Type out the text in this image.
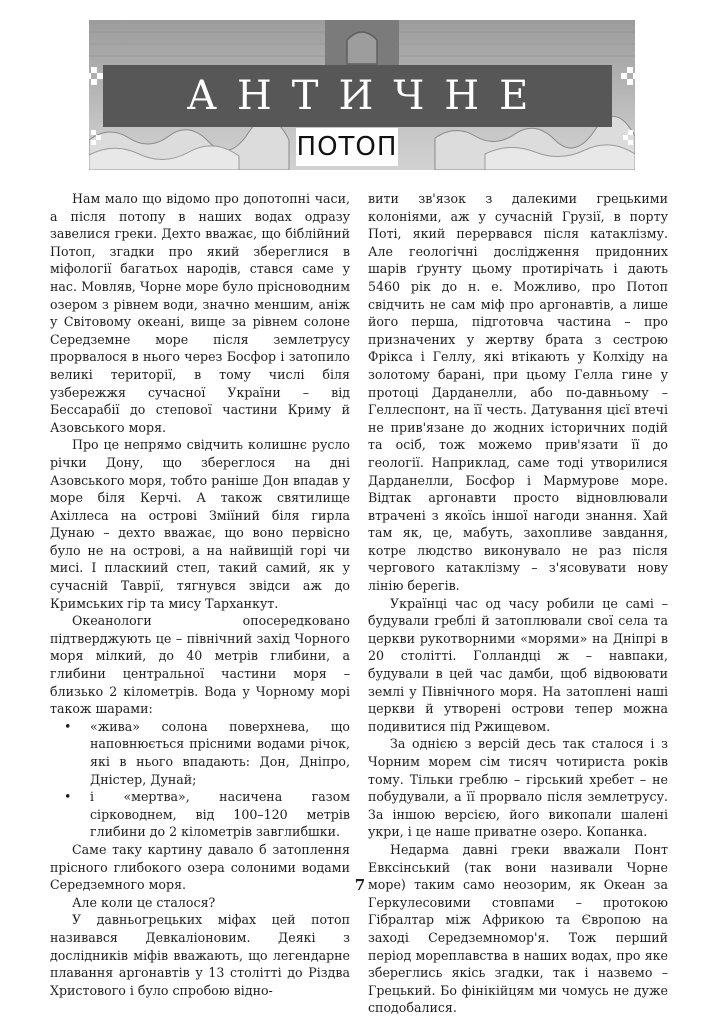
АНТИЧНЕ
ПОТОП

Нам мало що відомо про допотопні часи, а після потопу в наших водах одразу завелися греки. Дехто вважає, що біблійний Потоп, згадки про який збереглися в міфології багатьох народів, стався саме у нас. Мовляв, Чорне море було прісноводним озером з рівнем води, значно меншим, аніж у Світовому океані, вище за рівнем солоне Середземне море після землетрусу прорвалося в нього через Босфор і затопило великі території, в тому числі біля узбережжя сучасної України – від Бессарабії до степової частини Криму й Азовського моря.

Про це непрямо свідчить колишнє русло річки Дону, що збереглося на дні Азовського моря, тобто раніше Дон впадав у море біля Керчі. А також святилище Ахіллеса на острові Зміїний біля гирла Дунаю – дехто вважає, що воно первісно було не на острові, а на найвищій горі чи мисі. І пласкиий степ, такий самий, як у сучасній Таврії, тягнувся звідси аж до Кримських гір та мису Тарханкут.

Океанологи опосередковано підтверджують це – північний захід Чорного моря мілкий, до 40 метрів глибини, а глибини центральної частини моря – близько 2 кілометрів. Вода у Чорному морі також шарами:

• «жива» солона поверхнева, що наповнюється прісними водами річок, які в нього впадають: Дон, Дніпро, Дністер, Дунай;
• і «мертва», насичена газом сірководнем, від 100–120 метрів глибини до 2 кілометрів завглибшки.

Саме таку картину давало б затоплення прісного глибокого озера солоними водами Середземного моря.

Але коли це сталося?

У давньогрецьких міфах цей потоп називався Девкаліоновим. Деякі з дослідників міфів вважають, що легендарне плавання аргонавтів у 13 столітті до Різдва Христового і було спробою відно-

вити зв'язок з далекими грецькими колоніями, аж у сучасній Грузії, в порту Поті, який перервався після катаклізму. Але геологічні дослідження придонних шарів ґрунту цьому протирічать і дають 5460 рік до н. е. Можливо, про Потоп свідчить не сам міф про аргонавтів, а лише його перша, підготовча частина – про призначених у жертву брата з сестрою Фрікса і Геллу, які втікають у Колхіду на золотому барані, при цьому Гелла гине у протоці Дарданелли, або по-давньому – Геллеспонт, на її честь. Датування цієї втечі не прив'язане до жодних історичних подій та осіб, тож можемо прив'язати її до геології. Наприклад, саме тоді утворилися Дарданелли, Босфор і Мармурове море. Відтак аргонавти просто відновлювали втрачені з якоїсь іншої нагоди знання. Хай там як, це, мабуть, захопливе завдання, котре людство виконувало не раз після чергового катаклізму – з'ясовувати нову лінію берегів.

Українці час од часу робили це самі – будували греблі й затоплювали свої села та церкви рукотворними «морями» на Дніпрі в 20 столітті. Голландці ж – навпаки, будували в цей час дамби, щоб відвоювати землі у Північного моря. На затоплені наші церкви й утворені острови тепер можна подивитися під Ржищевом.

За однією з версій десь так сталося і з Чорним морем сім тисяч чотириста років тому. Тільки греблю – гірський хребет – не побудували, а її прорвало після землетрусу. За іншою версією, його викопали шалені укри, і це наше приватне озеро. Копанка.

Недарма давні греки вважали Понт Евксінський (так вони називали Чорне море) таким само неозорим, як Океан за Геркулесовими стовпами – протокою Гібралтар між Африкою та Європою на заході Середземномор'я. Тож перший період мореплавства в наших водах, про яке збереглись якісь згадки, так і назвемо – Грецький. Бо фінікійцям ми чомусь не дуже сподобалися.

7
